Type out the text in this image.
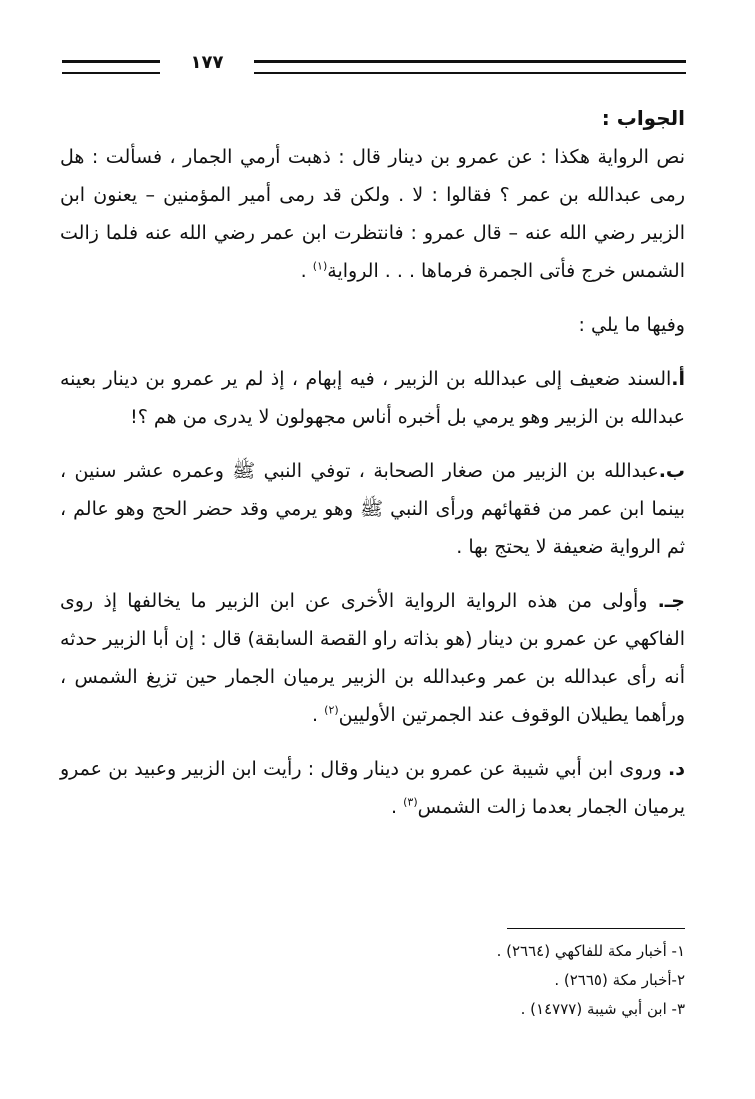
١٧٧
الجواب :

نص الرواية هكذا : عن عمرو بن دينار قال : ذهبت أرمي الجمار ، فسألت : هل رمى عبدالله بن عمر ؟ فقالوا : لا . ولكن قد رمى أمير المؤمنين – يعنون ابن الزبير رضي الله عنه – قال عمرو : فانتظرت ابن عمر رضي الله عنه فلما زالت الشمس خرج فأتى الجمرة فرماها . . . الرواية$^{(١)}$ .

وفيها ما يلي :

أ.السند ضعيف إلى عبدالله بن الزبير ، فيه إبهام ، إذ لم ير عمرو بن دينار بعينه عبدالله بن الزبير وهو يرمي بل أخبره أناس مجهولون لا يدرى من هم ؟!

ب.عبدالله بن الزبير من صغار الصحابة ، توفي النبي ﷺ وعمره عشر سنين ، بينما ابن عمر من فقهائهم ورأى النبي ﷺ وهو يرمي وقد حضر الحج وهو عالم ، ثم الرواية ضعيفة لا يحتج بها .

جـ. وأولى من هذه الرواية الرواية الأخرى عن ابن الزبير ما يخالفها إذ روى الفاكهي عن عمرو بن دينار (هو بذاته راو القصة السابقة) قال : إن أبا الزبير حدثه أنه رأى عبدالله بن عمر وعبدالله بن الزبير يرميان الجمار حين تزيغ الشمس ، ورأهما يطيلان الوقوف عند الجمرتين الأوليين$^{(٢)}$ .

د. وروى ابن أبي شيبة عن عمرو بن دينار وقال : رأيت ابن الزبير وعبيد بن عمرو يرميان الجمار بعدما زالت الشمس$^{(٣)}$ .

١- أخبار مكة للفاكهي (٢٦٦٤) .

٢-أخبار مكة (٢٦٦٥) .

٣- ابن أبي شيبة (١٤٧٧٧) .
